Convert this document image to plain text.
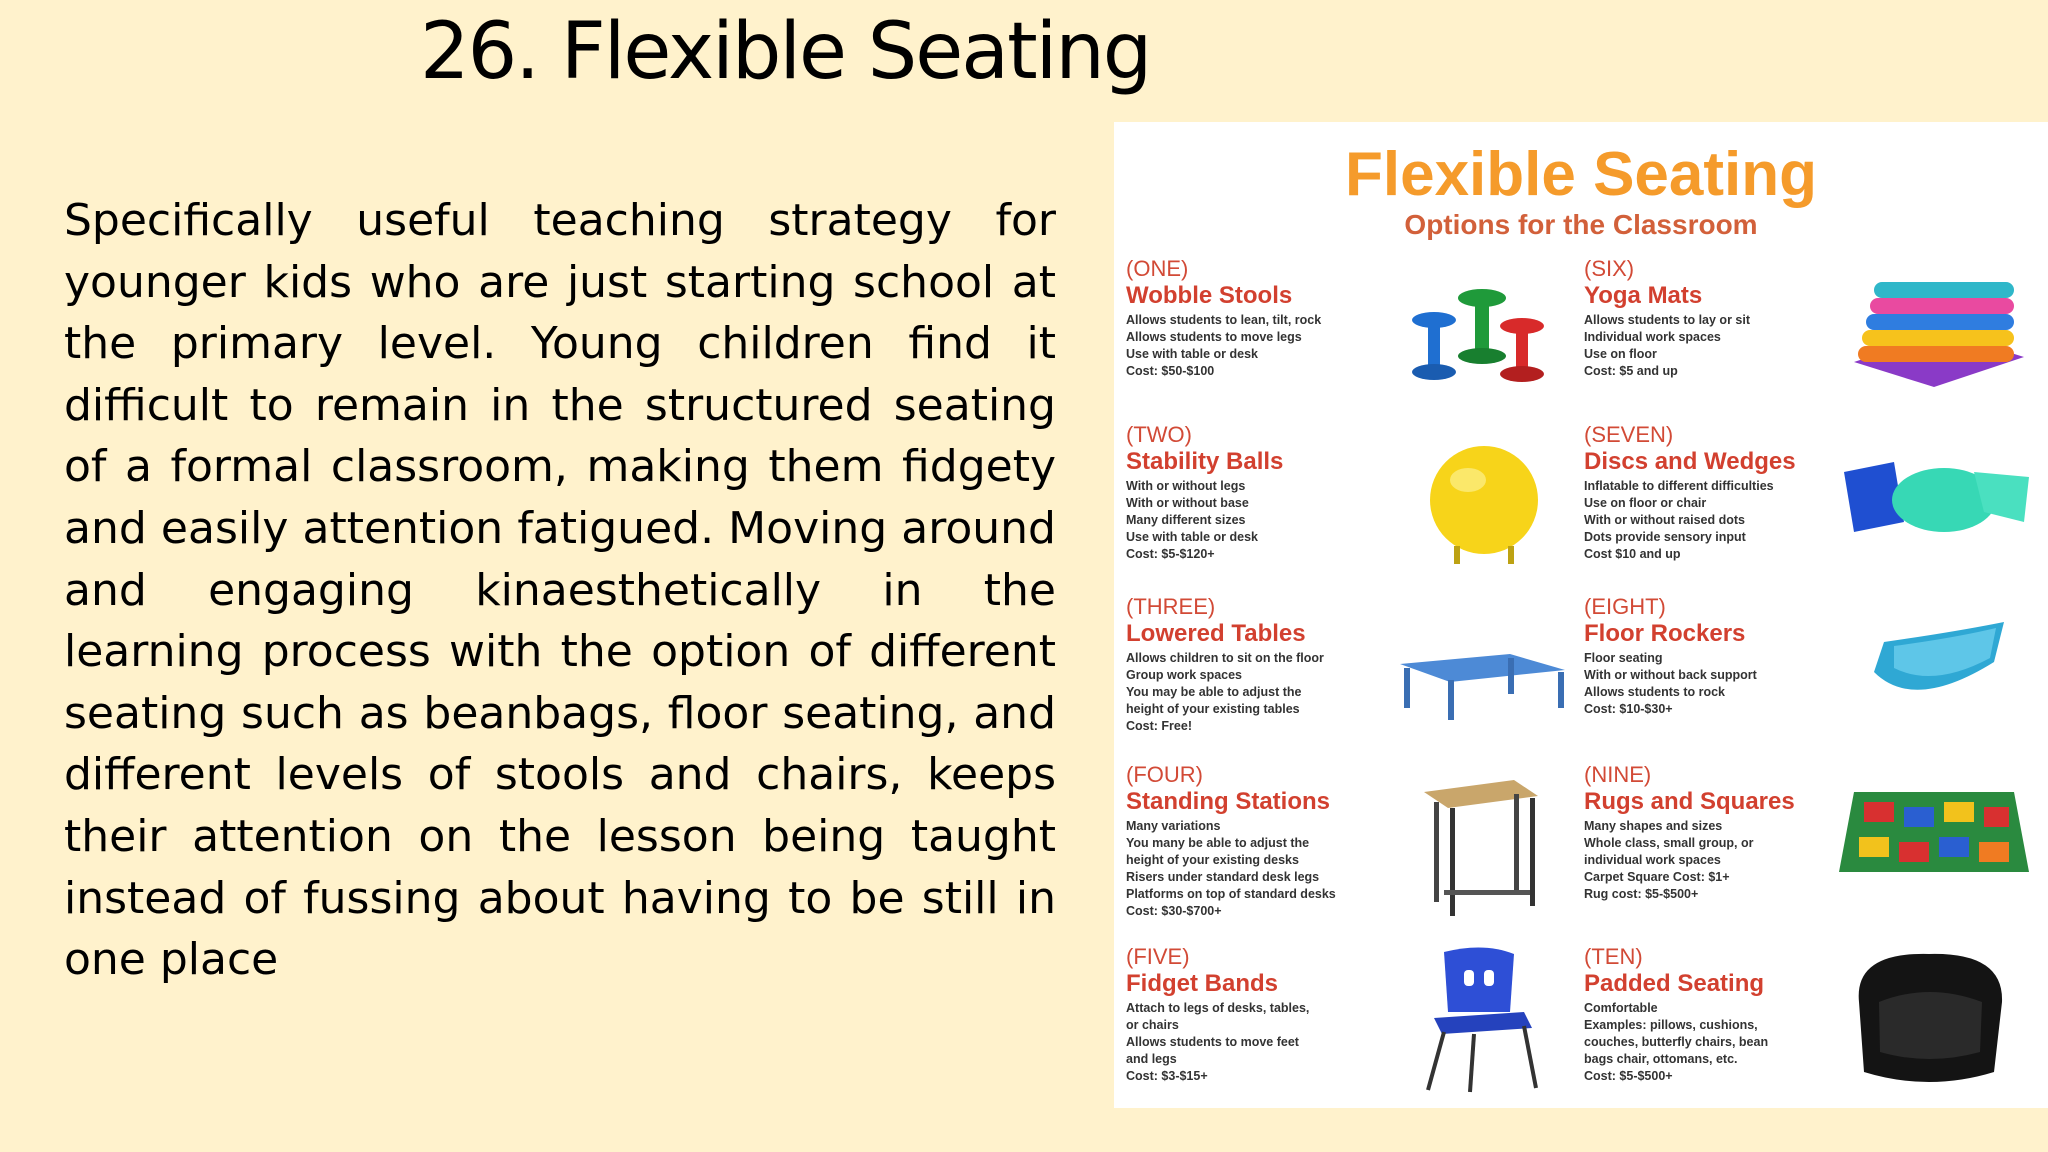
26. Flexible Seating
Specifically useful teaching strategy for younger kids who are just starting school at the primary level. Young children find it difficult to remain in the structured seating of a formal classroom, making them fidgety and easily attention fatigued. Moving around and engaging kinaesthetically in the learning process with the option of different seating such as beanbags, floor seating, and different levels of stools and chairs, keeps their attention on the lesson being taught instead of fussing about having to be still in one place
Flexible Seating
Options for the Classroom
(ONE)
Wobble Stools
Allows students to lean, tilt, rock
Allows students to move legs
Use with table or desk
Cost: $50-$100
(SIX)
Yoga Mats
Allows students to lay or sit
Individual work spaces
Use on floor
Cost: $5 and up
(TWO)
Stability Balls
With or without legs
With or without base
Many different sizes
Use with table or desk
Cost: $5-$120+
(SEVEN)
Discs and Wedges
Inflatable to different difficulties
Use on floor or chair
With or without raised dots
Dots provide sensory input
Cost $10 and up
(THREE)
Lowered Tables
Allows children to sit on the floor
Group work spaces
You may be able to adjust the
height of your existing tables
Cost: Free!
(EIGHT)
Floor Rockers
Floor seating
With or without back support
Allows students to rock
Cost: $10-$30+
(FOUR)
Standing Stations
Many variations
You many be able to adjust the
height of your existing desks
Risers under standard desk legs
Platforms on top of standard desks
Cost: $30-$700+
(NINE)
Rugs and Squares
Many shapes and sizes
Whole class, small group, or
individual work spaces
Carpet Square Cost: $1+
Rug cost: $5-$500+
(FIVE)
Fidget Bands
Attach to legs of desks, tables,
or chairs
Allows students to move feet
and legs
Cost: $3-$15+
(TEN)
Padded Seating
Comfortable
Examples: pillows, cushions,
couches, butterfly chairs, bean
bags chair, ottomans, etc.
Cost: $5-$500+
